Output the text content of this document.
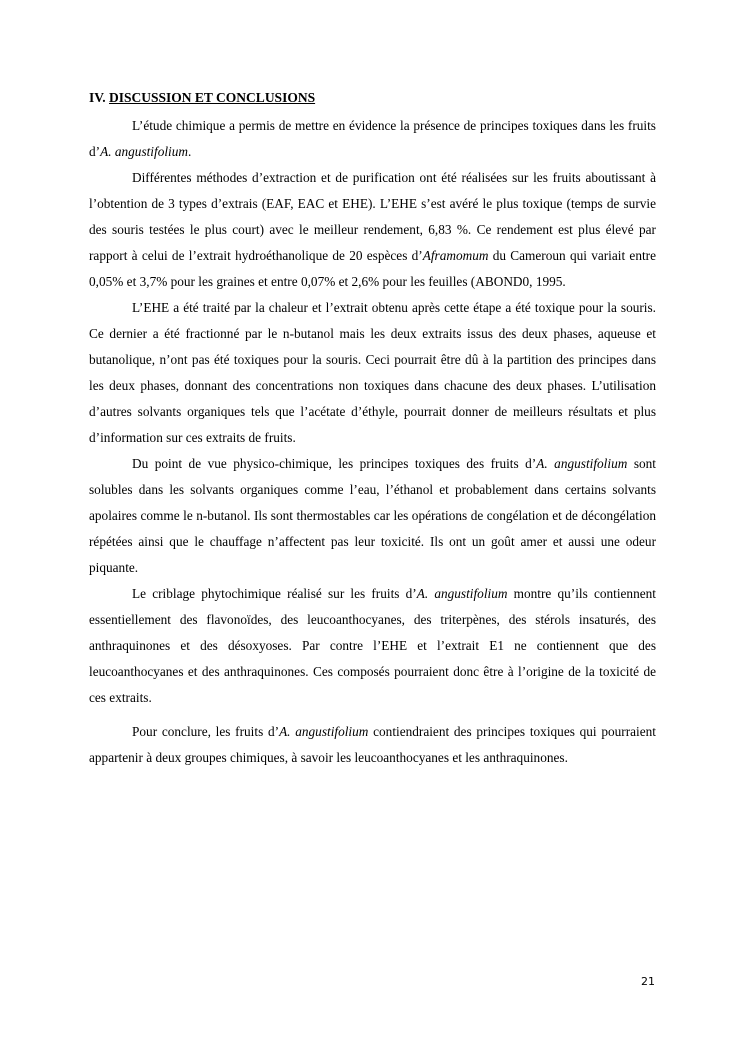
IV. DISCUSSION ET CONCLUSIONS

L’étude chimique a permis de mettre en évidence la présence de principes toxiques dans les fruits d’A. angustifolium.

Différentes méthodes d’extraction et de purification ont été réalisées sur les fruits aboutissant à l’obtention de 3 types d’extrais (EAF, EAC et EHE). L’EHE s’est avéré le plus toxique (temps de survie des souris testées le plus court) avec le meilleur rendement, 6,83 %. Ce rendement est plus élevé par rapport à celui de l’extrait hydroéthanolique de 20 espèces d’Aframomum du Cameroun qui variait entre 0,05% et 3,7% pour les graines et entre 0,07% et 2,6% pour les feuilles (ABOND0, 1995.

L’EHE a été traité par la chaleur et l’extrait obtenu après cette étape a été toxique pour la souris. Ce dernier a été fractionné par le n-butanol mais les deux extraits issus des deux phases, aqueuse et butanolique, n’ont pas été toxiques pour la souris. Ceci pourrait être dû à la partition des principes dans les deux phases, donnant des concentrations non toxiques dans chacune des deux phases. L’utilisation d’autres solvants organiques tels que l’acétate d’éthyle, pourrait donner de meilleurs résultats et plus d’information sur ces extraits de fruits.

Du point de vue physico-chimique, les principes toxiques des fruits d’A. angustifolium sont solubles dans les solvants organiques comme l’eau, l’éthanol et probablement dans certains solvants apolaires comme le n-butanol. Ils sont thermostables car les opérations de congélation et de décongélation répétées ainsi que le chauffage n’affectent pas leur toxicité. Ils ont un goût amer et aussi une odeur piquante.

Le criblage phytochimique réalisé sur les fruits d’A. angustifolium montre qu’ils contiennent essentiellement des flavonoïdes, des leucoanthocyanes, des triterpènes, des stérols insaturés, des anthraquinones et des désoxyoses. Par contre l’EHE et l’extrait E1 ne contiennent que des leucoanthocyanes et des anthraquinones. Ces composés pourraient donc être à l’origine de la toxicité de ces extraits.

Pour conclure, les fruits d’A. angustifolium contiendraient des principes toxiques qui pourraient appartenir à deux groupes chimiques, à savoir les leucoanthocyanes et les anthraquinones.

21
